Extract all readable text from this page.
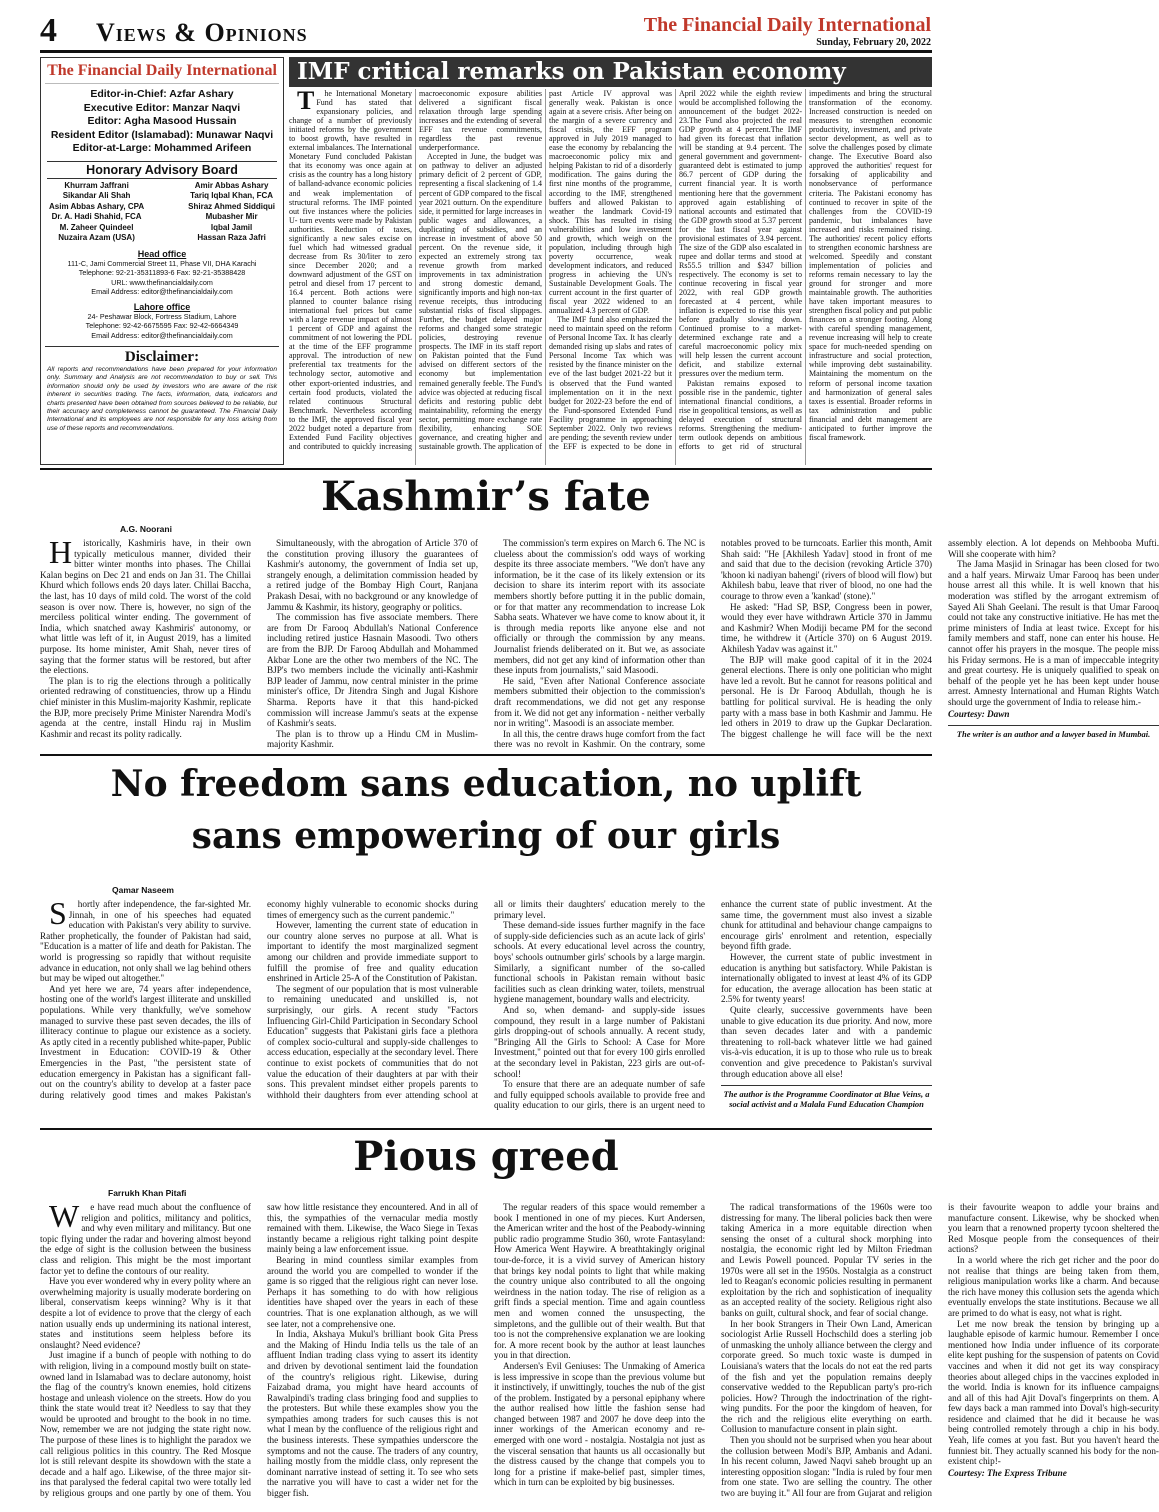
4 Views & Opinions	The Financial Daily International
Sunday, February 20, 2022
The Financial Daily International
Editor-in-Chief: Azfar Ashary
Executive Editor: Manzar Naqvi
Editor: Agha Masood Hussain
Resident Editor (Islamabad): Munawar Naqvi
Editor-at-Large: Mohammed Arifeen
Honorary Advisory Board
Khurram Jaffrani
Sikandar Ali Shah
Asim Abbas Ashary, CPA
Dr. A. Hadi Shahid, FCA
M. Zaheer Quindeel
Nuzaira Azam (USA)
Amir Abbas Ashary
Tariq Iqbal Khan, FCA
Shiraz Ahmed Siddiqui
Mubasher Mir
Iqbal Jamil
Hassan Raza Jafri
Head office
111-C, Jami Commercial Street 11, Phase VII, DHA Karachi
Telephone: 92-21-35311893-6 Fax: 92-21-35388428
URL: www.thefinancialdaily.com
Email Address: editor@thefinancialdaily.com
Lahore office
24- Peshawar Block, Fortress Stadium, Lahore
Telephone: 92-42-6675595 Fax: 92-42-6664349
Email Address: editor@thefinancialdaily.com
Disclaimer:
All reports and recommendations have been prepared for your information only. Summary and Analysis are not recommendation to buy or sell. This information should only be used by investors who are aware of the risk inherent in securities trading. The facts, information, data, indicators and charts presented have been obtained from sources believed to be reliable, but their accuracy and completeness cannot be guaranteed. The Financial Daily International and its employees are not responsible for any loss arising from use of these reports and recommendations.
IMF critical remarks on Pakistan economy

The International Monetary Fund has stated that expansionary policies, and change of a number of previously initiated reforms by the government to boost growth, have resulted in external imbalances. The International Monetary Fund concluded Pakistan that its economy was once again at crisis as the country has a long history of balland-advance economic policies and weak implementation of structural reforms. The IMF pointed out five instances where the policies U- turn events were made by Pakistan authorities. Reduction of taxes, significantly a new sales excise on fuel which had witnessed gradual decrease from Rs 30/liter to zero since December 2020; and a downward adjustment of the GST on petrol and diesel from 17 percent to 16.4 percent. Both actions were planned to counter balance rising international fuel prices but came with a large revenue impact of almost 1 percent of GDP and against the commitment of not lowering the PDL at the time of the EFF programme approval. The introduction of new preferential tax treatments for the technology sector, automotive and other export-oriented industries, and certain food products, violated the related continuous Structural Benchmark. Nevertheless according to the IMF, the approved fiscal year 2022 budget noted a departure from Extended Fund Facility objectives and contributed to quickly increasing macroeconomic exposure abilities delivered a significant fiscal relaxation through large spending increases and the extending of several EFF tax revenue commitments, regardless the past revenue underperformance.

Accepted in June, the budget was on pathway to deliver an adjusted primary deficit of 2 percent of GDP, representing a fiscal slackening of 1.4 percent of GDP compared to the fiscal year 2021 outturn. On the expenditure side, it permitted for large increases in public wages and allowances, a duplicating of subsidies, and an increase in investment of above 50 percent. On the revenue side, it expected an extremely strong tax revenue growth from marked improvements in tax administration and strong domestic demand, significantly imports and high non-tax revenue receipts, thus introducing substantial risks of fiscal slippages. Further, the budget delayed major reforms and changed some strategic policies, destroying revenue prospects. The IMF in its staff report on Pakistan pointed that the Fund advised on different sectors of the economy but implementation remained generally feeble. The Fund's advice was objected at reducing fiscal deficits and restoring public debt maintainability, reforming the energy sector, permitting more exchange rate flexibility, enhancing SOE governance, and creating higher and sustainable growth. The application of past Article IV approval was generally weak. Pakistan is once again at a severe crisis. After being on the margin of a severe currency and fiscal crisis, the EFF program approved in July 2019 managed to ease the economy by rebalancing the macroeconomic policy mix and helping Pakistan to rid of a disorderly modification. The gains during the first nine months of the programme, according to the IMF, strengthened buffers and allowed Pakistan to weather the landmark Covid-19 shock. This has resulted in rising vulnerabilities and low investment and growth, which weigh on the population, including through high poverty occurrence, weak development indicators, and reduced progress in achieving the UN's Sustainable Development Goals. The current account in the first quarter of fiscal year 2022 widened to an annualized 4.3 percent of GDP.

The IMF fund also emphasized the need to maintain speed on the reform of Personal Income Tax. It has clearly demanded rising up slabs and rates of Personal Income Tax which was resisted by the finance minister on the eve of the last budget 2021-22 but it is observed that the Fund wanted implementation on it in the next budget for 2022-23 before the end of the Fund-sponsored Extended Fund Facility programme in approaching September 2022. Only two reviews are pending; the seventh review under the EFF is expected to be done in April 2022 while the eighth review would be accomplished following the announcement of the budget 2022-23.The Fund also projected the real GDP growth at 4 percent.The IMF had given its forecast that inflation will be standing at 9.4 percent. The general government and government-guaranteed debt is estimated to jump 86.7 percent of GDP during the current financial year. It is worth mentioning here that the government approved again establishing of national accounts and estimated that the GDP growth stood at 5.37 percent for the last fiscal year against provisional estimates of 3.94 percent. The size of the GDP also escalated in rupee and dollar terms and stood at Rs55.5 trillion and $347 billion respectively. The economy is set to continue recovering in fiscal year 2022, with real GDP growth forecasted at 4 percent, while inflation is expected to rise this year before gradually slowing down. Continued promise to a market-determined exchange rate and a careful macroeconomic policy mix will help lessen the current account deficit, and stabilize external pressures over the medium term.

Pakistan remains exposed to possible rise in the pandemic, tighter international financial conditions, a rise in geopolitical tensions, as well as delayed execution of structural reforms. Strengthening the medium-term outlook depends on ambitious efforts to get rid of structural impediments and bring the structural transformation of the economy. Increased construction is needed on measures to strengthen economic productivity, investment, and private sector development, as well as to solve the challenges posed by climate change. The Executive Board also approved the authorities' request for forsaking of applicability and nonobservance of performance criteria. The Pakistani economy has continued to recover in spite of the challenges from the COVID-19 pandemic, but imbalances have increased and risks remained rising. The authorities' recent policy efforts to strengthen economic harshness are welcomed. Speedily and constant implementation of policies and reforms remain necessary to lay the ground for stronger and more maintainable growth. The authorities have taken important measures to strengthen fiscal policy and put public finances on a stronger footing. Along with careful spending management, revenue increasing will help to create space for much-needed spending on infrastructure and social protection, while improving debt sustainability. Maintaining the momentum on the reform of personal income taxation and harmonization of general sales taxes is essential. Broader reforms in tax administration and public financial and debt management are anticipated to further improve the fiscal framework.

Kashmir’s fate
A.G. Noorani

Historically, Kashmiris have, in their own typically meticulous manner, divided their bitter winter months into phases. The Chillai Kalan begins on Dec 21 and ends on Jan 31. The Chillai Khurd which follows ends 20 days later. Chillai Baccha, the last, has 10 days of mild cold. The worst of the cold season is over now. There is, however, no sign of the merciless political winter ending. The government of India, which snatched away Kashmiris' autonomy, or what little was left of it, in August 2019, has a limited purpose. Its home minister, Amit Shah, never tires of saying that the former status will be restored, but after the elections.

The plan is to rig the elections through a politically oriented redrawing of constituencies, throw up a Hindu chief minister in this Muslim-majority Kashmir, replicate the BJP, more precisely Prime Minister Narendra Modi's agenda at the centre, install Hindu raj in Muslim Kashmir and recast its polity radically.

Simultaneously, with the abrogation of Article 370 of the constitution proving illusory the guarantees of Kashmir's autonomy, the government of India set up, strangely enough, a delimitation commission headed by a retired judge of the Bombay High Court, Ranjana Prakash Desai, with no background or any knowledge of Jammu & Kashmir, its history, geography or politics.

The commission has five associate members. There are from Dr Farooq Abdullah's National Conference including retired justice Hasnain Masoodi. Two others are from the BJP. Dr Farooq Abdullah and Mohammed Akbar Lone are the other two members of the NC. The BJP's two members include the vicinally anti-Kashmir BJP leader of Jammu, now central minister in the prime minister's office, Dr Jitendra Singh and Jugal Kishore Sharma. Reports have it that this hand-picked commission will increase Jammu's seats at the expense of Kashmir's seats.

The plan is to throw up a Hindu CM in Muslim-majority Kashmir.

The commission's term expires on March 6. The NC is clueless about the commission's odd ways of working despite its three associate members. "We don't have any information, be it the case of its likely extension or its decision to share its interim report with its associate members shortly before putting it in the public domain, or for that matter any recommendation to increase Lok Sabha seats. Whatever we have come to know about it, it is through media reports like anyone else and not officially or through the commission by any means. Journalist friends deliberated on it. But we, as associate members, did not get any kind of information other than these inputs from journalists," said Masoodi.

He said, "Even after National Conference associate members submitted their objection to the commission's draft recommendations, we did not get any response from it. We did not get any information - neither verbally nor in writing". Masoodi is an associate member.

In all this, the centre draws huge comfort from the fact there was no revolt in Kashmir. On the contrary, some notables proved to be turncoats. Earlier this month, Amit Shah said: "He [Akhilesh Yadav] stood in front of me and said that due to the decision (revoking Article 370) 'khoon ki nadiyan bahengi' (rivers of blood will flow) but Akhilesh babu, leave that river of blood, no one had the courage to throw even a 'kankad' (stone)."

He asked: "Had SP, BSP, Congress been in power, would they ever have withdrawn Article 370 in Jammu and Kashmir? When Modiji became PM for the second time, he withdrew it (Article 370) on 6 August 2019. Akhilesh Yadav was against it."

The BJP will make good capital of it in the 2024 general elections. There is only one politician who might have led a revolt. But he cannot for reasons political and personal. He is Dr Farooq Abdullah, though he is battling for political survival. He is heading the only party with a mass base in both Kashmir and Jammu. He led others in 2019 to draw up the Gupkar Declaration. The biggest challenge he will face will be the next assembly election. A lot depends on Mehbooba Mufti. Will she cooperate with him?

The Jama Masjid in Srinagar has been closed for two and a half years. Mirwaiz Umar Farooq has been under house arrest all this while. It is well known that his moderation was stifled by the arrogant extremism of Sayed Ali Shah Geelani. The result is that Umar Farooq could not take any constructive initiative. He has met the prime ministers of India at least twice. Except for his family members and staff, none can enter his house. He cannot offer his prayers in the mosque. The people miss his Friday sermons. He is a man of impeccable integrity and great courtesy. He is uniquely qualified to speak on behalf of the people yet he has been kept under house arrest. Amnesty International and Human Rights Watch should urge the government of India to release him.-
Courtesy: Dawn

The writer is an author and a lawyer based in Mumbai.
No freedom sans education, no uplift
sans empowering of our girls
Qamar Naseem

Shortly after independence, the far-sighted Mr. Jinnah, in one of his speeches had equated education with Pakistan's very ability to survive. Rather prophetically, the founder of Pakistan had said, "Education is a matter of life and death for Pakistan. The world is progressing so rapidly that without requisite advance in education, not only shall we lag behind others but may be wiped out altogether."

And yet here we are, 74 years after independence, hosting one of the world's largest illiterate and unskilled populations. While very thankfully, we've somehow managed to survive these past seven decades, the ills of illiteracy continue to plague our existence as a society. As aptly cited in a recently published white-paper, Public Investment in Education: COVID-19 & Other Emergencies in the Past, "the persistent state of education emergency in Pakistan has a significant fall-out on the country's ability to develop at a faster pace during relatively good times and makes Pakistan's economy highly vulnerable to economic shocks during times of emergency such as the current pandemic."

However, lamenting the current state of education in our country alone serves no purpose at all. What is important to identify the most marginalized segment among our children and provide immediate support to fulfill the promise of free and quality education enshrined in Article 25-A of the Constitution of Pakistan.

The segment of our population that is most vulnerable to remaining uneducated and unskilled is, not surprisingly, our girls. A recent study "Factors Influencing Girl-Child Participation in Secondary School Education" suggests that Pakistani girls face a plethora of complex socio-cultural and supply-side challenges to access education, especially at the secondary level. There continue to exist pockets of communities that do not value the education of their daughters at par with their sons. This prevalent mindset either propels parents to withhold their daughters from ever attending school at all or limits their daughters' education merely to the primary level.

These demand-side issues further magnify in the face of supply-side deficiencies such as an acute lack of girls' schools. At every educational level across the country, boys' schools outnumber girls' schools by a large margin. Similarly, a significant number of the so-called functional schools in Pakistan remain without basic facilities such as clean drinking water, toilets, menstrual hygiene management, boundary walls and electricity.

And so, when demand- and supply-side issues compound, they result in a large number of Pakistani girls dropping-out of schools annually. A recent study, "Bringing All the Girls to School: A Case for More Investment," pointed out that for every 100 girls enrolled at the secondary level in Pakistan, 223 girls are out-of-school!

To ensure that there are an adequate number of safe and fully equipped schools available to provide free and quality education to our girls, there is an urgent need to enhance the current state of public investment. At the same time, the government must also invest a sizable chunk for attitudinal and behaviour change campaigns to encourage girls' enrolment and retention, especially beyond fifth grade.

However, the current state of public investment in education is anything but satisfactory. While Pakistan is internationally obligated to invest at least 4% of its GDP for education, the average allocation has been static at 2.5% for twenty years!

Quite clearly, successive governments have been unable to give education its due priority. And now, more than seven decades later and with a pandemic threatening to roll-back whatever little we had gained vis-à-vis education, it is up to those who rule us to break convention and give precedence to Pakistan's survival through education above all else!

The author is the Programme Coordinator at Blue Veins, a social activist and a Malala Fund Education Champion
Pious greed
Farrukh Khan Pitafi

We have read much about the confluence of religion and politics, militancy and politics, and why even military and militancy. But one topic flying under the radar and hovering almost beyond the edge of sight is the collusion between the business class and religion. This might be the most important factor yet to define the contours of our reality.

Have you ever wondered why in every polity where an overwhelming majority is usually moderate bordering on liberal, conservatism keeps winning? Why is it that despite a lot of evidence to prove that the clergy of each nation usually ends up undermining its national interest, states and institutions seem helpless before its onslaught? Need evidence?

Just imagine if a bunch of people with nothing to do with religion, living in a compound mostly built on state-owned land in Islamabad was to declare autonomy, hoist the flag of the country's known enemies, hold citizens hostage and unleash violence on the streets. How do you think the state would treat it? Needless to say that they would be uprooted and brought to the book in no time. Now, remember we are not judging the state right now. The purpose of these lines is to highlight the paradox we call religious politics in this country. The Red Mosque lot is still relevant despite its showdown with the state a decade and a half ago. Likewise, of the three major sit-ins that paralysed the federal capital two were totally led by religious groups and one partly by one of them. You saw how little resistance they encountered. And in all of this, the sympathies of the vernacular media mostly remained with them. Likewise, the Waco Siege in Texas instantly became a religious right talking point despite mainly being a law enforcement issue.

Bearing in mind countless similar examples from around the world you are compelled to wonder if the game is so rigged that the religious right can never lose. Perhaps it has something to do with how religious identities have shaped over the years in each of these countries. That is one explanation although, as we will see later, not a comprehensive one.

In India, Akshaya Mukul's brilliant book Gita Press and the Making of Hindu India tells us the tale of an affluent Indian trading class vying to assert its identity and driven by devotional sentiment laid the foundation of the country's religious right. Likewise, during Faizabad drama, you might have heard accounts of Rawalpindi's trading class bringing food and supplies to the protesters. But while these examples show you the sympathies among traders for such causes this is not what I mean by the confluence of the religious right and the business interests. These sympathies underscore the symptoms and not the cause. The traders of any country, hailing mostly from the middle class, only represent the dominant narrative instead of setting it. To see who sets the narrative you will have to cast a wider net for the bigger fish.

The regular readers of this space would remember a book I mentioned in one of my pieces. Kurt Andersen, the American writer and the host of the Peabody-winning public radio programme Studio 360, wrote Fantasyland: How America Went Haywire. A breathtakingly original tour-de-force, it is a vivid survey of American history that brings key nodal points to light that while making the country unique also contributed to all the ongoing weirdness in the nation today. The rise of religion as a grift finds a special mention. Time and again countless men and women conned the unsuspecting, the simpletons, and the gullible out of their wealth. But that too is not the comprehensive explanation we are looking for. A more recent book by the author at least launches you in that direction.

Andersen's Evil Geniuses: The Unmaking of America is less impressive in scope than the previous volume but it instinctively, if unwittingly, touches the nub of the gist of the problem. Instigated by a personal epiphany where the author realised how little the fashion sense had changed between 1987 and 2007 he dove deep into the inner workings of the American economy and re-emerged with one word - nostalgia. Nostalgia not just as the visceral sensation that haunts us all occasionally but the distress caused by the change that compels you to long for a pristine if make-belief past, simpler times, which in turn can be exploited by big businesses.

The radical transformations of the 1960s were too distressing for many. The liberal policies back then were taking America in a more equitable direction when sensing the onset of a cultural shock morphing into nostalgia, the economic right led by Milton Friedman and Lewis Powell pounced. Popular TV series in the 1970s were all set in the 1950s. Nostalgia as a construct led to Reagan's economic policies resulting in permanent exploitation by the rich and sophistication of inequality as an accepted reality of the society. Religious right also banks on guilt, cultural shock, and fear of social change.

In her book Strangers in Their Own Land, American sociologist Arlie Russell Hochschild does a sterling job of unmasking the unholy alliance between the clergy and corporate greed. So much toxic waste is dumped in Louisiana's waters that the locals do not eat the red parts of the fish and yet the population remains deeply conservative wedded to the Republican party's pro-rich policies. How? Through the indoctrination of the right-wing pundits. For the poor the kingdom of heaven, for the rich and the religious elite everything on earth. Collusion to manufacture consent in plain sight.

Then you should not be surprised when you hear about the collusion between Modi's BJP, Ambanis and Adani. In his recent column, Jawed Naqvi saheb brought up an interesting opposition slogan: "India is ruled by four men from one state. Two are selling the country. The other two are buying it." All four are from Gujarat and religion is their favourite weapon to addle your brains and manufacture consent. Likewise, why be shocked when you learn that a renowned property tycoon sheltered the Red Mosque people from the consequences of their actions?

In a world where the rich get richer and the poor do not realise that things are being taken from them, religious manipulation works like a charm. And because the rich have money this collusion sets the agenda which eventually envelops the state institutions. Because we all are primed to do what is easy, not what is right.

Let me now break the tension by bringing up a laughable episode of karmic humour. Remember I once mentioned how India under influence of its corporate elite kept pushing for the suspension of patents on Covid vaccines and when it did not get its way conspiracy theories about alleged chips in the vaccines exploded in the world. India is known for its influence campaigns and all of this had Ajit Doval's fingerprints on them. A few days back a man rammed into Doval's high-security residence and claimed that he did it because he was being controlled remotely through a chip in his body. Yeah, life comes at you fast. But you haven't heard the funniest bit. They actually scanned his body for the non-existent chip!-
Courtesy: The Express Tribune
